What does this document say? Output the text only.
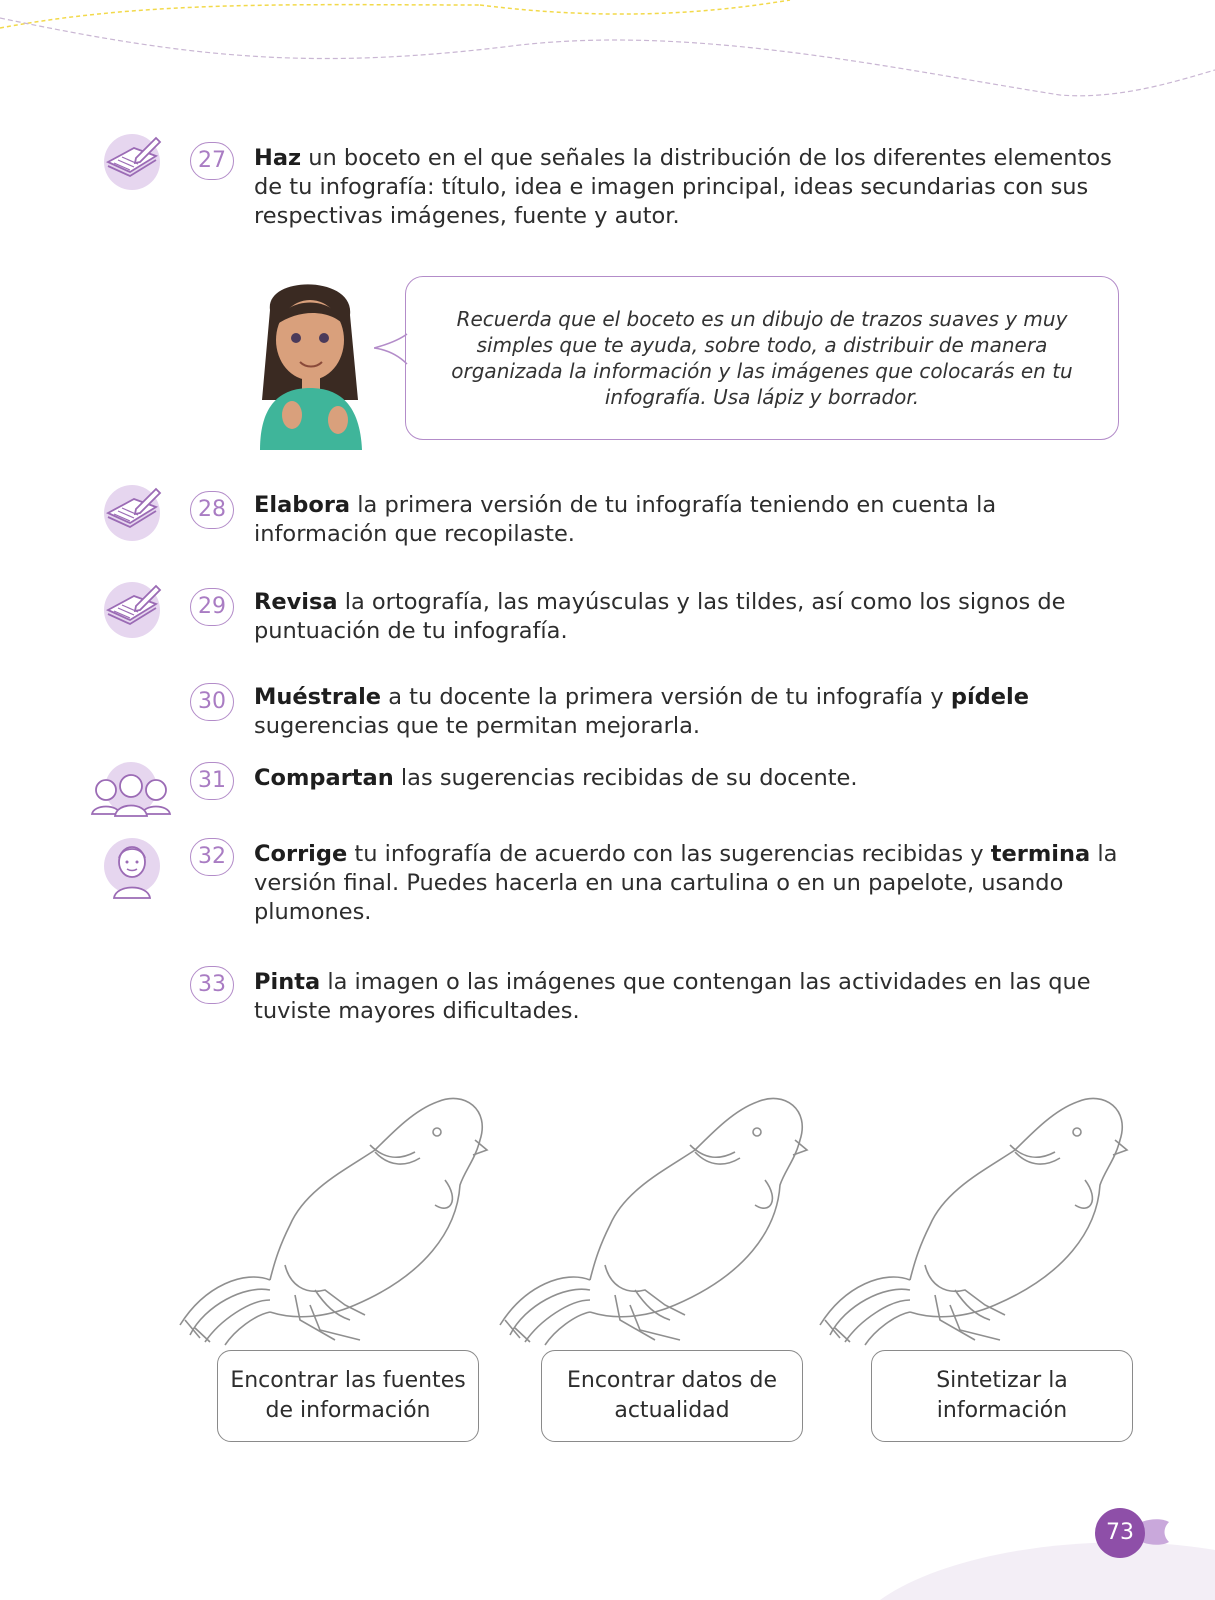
27	Haz un boceto en el que señales la distribución de los diferentes elementos de tu infografía: título, idea e imagen principal, ideas secundarias con sus respectivas imágenes, fuente y autor.

Recuerda que el boceto es un dibujo de trazos suaves y muy simples que te ayuda, sobre todo, a distribuir de manera organizada la información y las imágenes que colocarás en tu infografía. Usa lápiz y borrador.

28	Elabora la primera versión de tu infografía teniendo en cuenta la información que recopilaste.
29	Revisa la ortografía, las mayúsculas y las tildes, así como los signos de puntuación de tu infografía.
30	Muéstrale a tu docente la primera versión de tu infografía y pídele sugerencias que te permitan mejorarla.
31	Compartan las sugerencias recibidas de su docente.
32	Corrige tu infografía de acuerdo con las sugerencias recibidas y termina la versión final. Puedes hacerla en una cartulina o en un papelote, usando plumones.
33	Pinta la imagen o las imágenes que contengan las actividades en las que tuviste mayores dificultades.
Encontrar las fuentes de información
Encontrar datos de actualidad
Sintetizar la información
73
